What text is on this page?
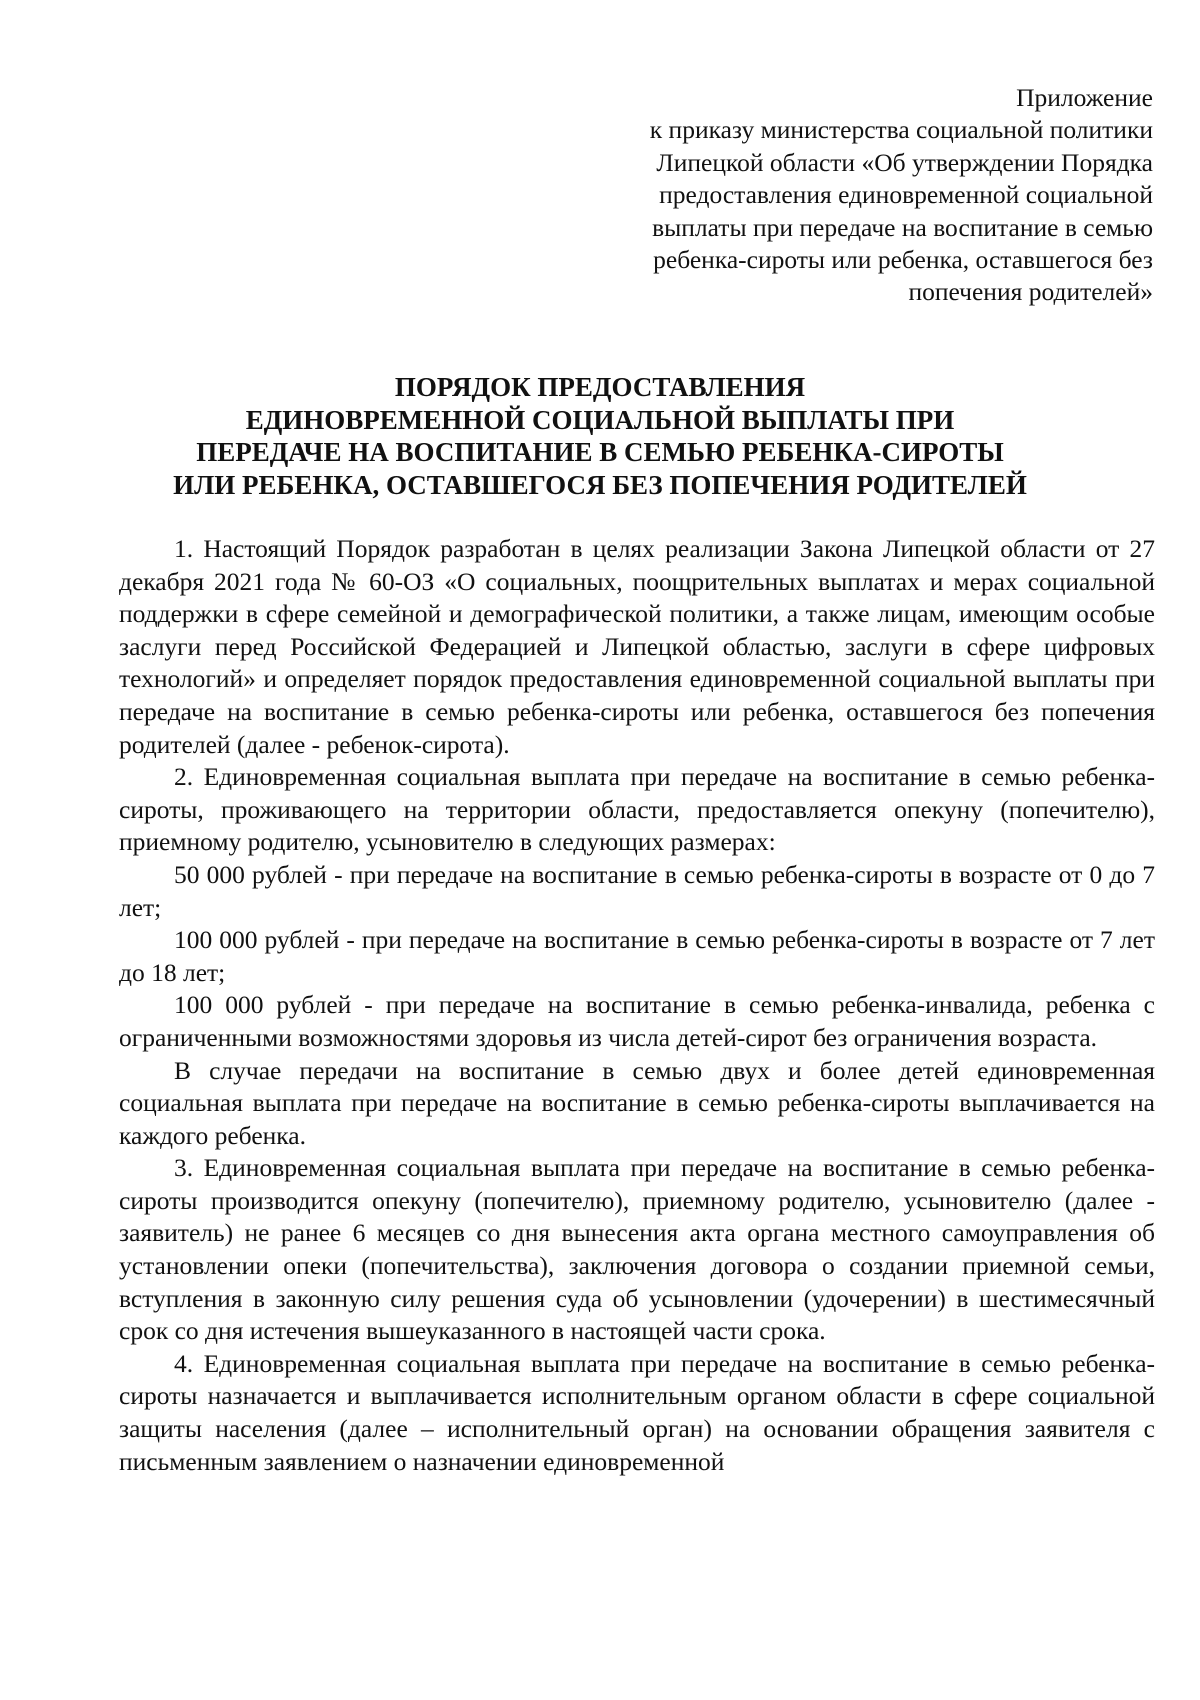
Приложение
к приказу министерства социальной политики
Липецкой области «Об утверждении Порядка
предоставления единовременной социальной
выплаты при передаче на воспитание в семью
ребенка-сироты или ребенка, оставшегося без
попечения родителей»
ПОРЯДОК ПРЕДОСТАВЛЕНИЯ
ЕДИНОВРЕМЕННОЙ СОЦИАЛЬНОЙ ВЫПЛАТЫ ПРИ
ПЕРЕДАЧЕ НА ВОСПИТАНИЕ В СЕМЬЮ РЕБЕНКА-СИРОТЫ
ИЛИ РЕБЕНКА, ОСТАВШЕГОСЯ БЕЗ ПОПЕЧЕНИЯ РОДИТЕЛЕЙ

1. Настоящий Порядок разработан в целях реализации Закона Липецкой области от 27 декабря 2021 года № 60-ОЗ «О социальных, поощрительных выплатах и мерах социальной поддержки в сфере семейной и демографической политики, а также лицам, имеющим особые заслуги перед Российской Федерацией и Липецкой областью, заслуги в сфере цифровых технологий» и определяет порядок предоставления единовременной социальной выплаты при передаче на воспитание в семью ребенка-сироты или ребенка, оставшегося без попечения родителей (далее - ребенок-сирота).

2. Единовременная социальная выплата при передаче на воспитание в семью ребенка-сироты, проживающего на территории области, предоставляется опекуну (попечителю), приемному родителю, усыновителю в следующих размерах:

50 000 рублей - при передаче на воспитание в семью ребенка-сироты в возрасте от 0 до 7 лет;

100 000 рублей - при передаче на воспитание в семью ребенка-сироты в возрасте от 7 лет до 18 лет;

100 000 рублей - при передаче на воспитание в семью ребенка-инвалида, ребенка с ограниченными возможностями здоровья из числа детей-сирот без ограничения возраста.

В случае передачи на воспитание в семью двух и более детей единовременная социальная выплата при передаче на воспитание в семью ребенка-сироты выплачивается на каждого ребенка.

3. Единовременная социальная выплата при передаче на воспитание в семью ребенка-сироты производится опекуну (попечителю), приемному родителю, усыновителю (далее - заявитель) не ранее 6 месяцев со дня вынесения акта органа местного самоуправления об установлении опеки (попечительства), заключения договора о создании приемной семьи, вступления в законную силу решения суда об усыновлении (удочерении) в шестимесячный срок со дня истечения вышеуказанного в настоящей части срока.

4. Единовременная социальная выплата при передаче на воспитание в семью ребенка-сироты назначается и выплачивается исполнительным органом области в сфере социальной защиты населения (далее – исполнительный орган) на основании обращения заявителя с письменным заявлением о назначении единовременной
